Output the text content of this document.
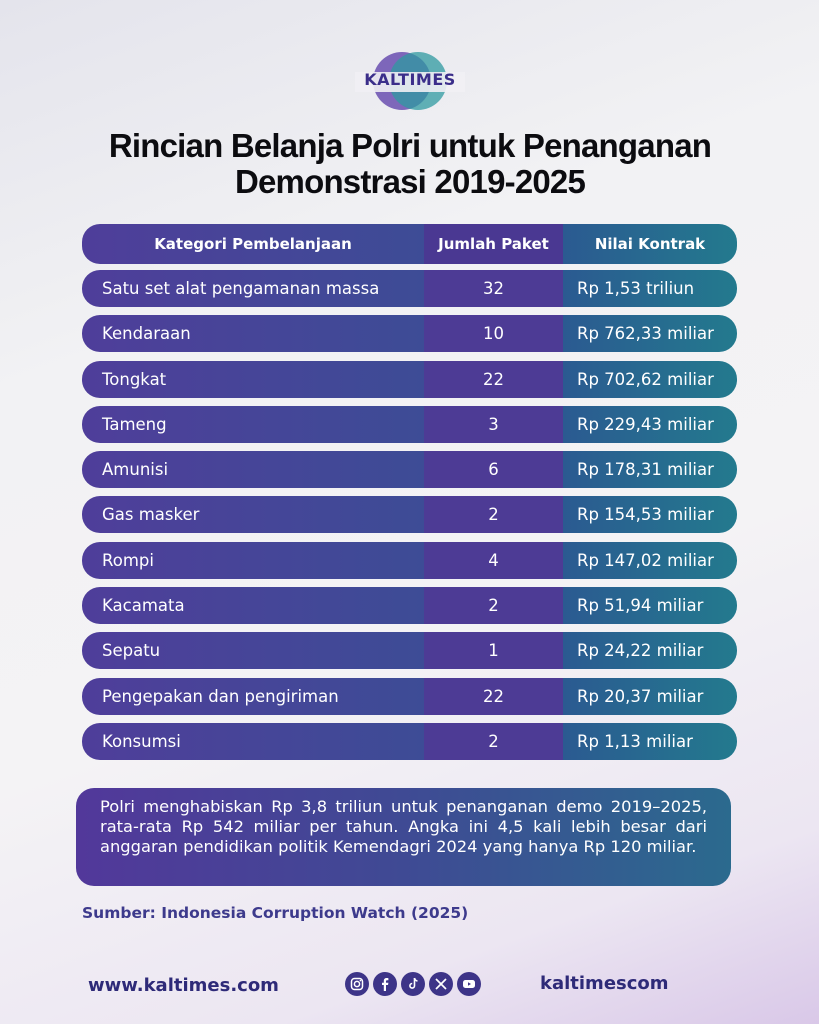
KALTIMES
Rincian Belanja Polri untuk Penanganan
Demonstrasi 2019-2025
Kategori Pembelanjaan	Jumlah Paket	Nilai Kontrak
Satu set alat pengamanan massa	32	Rp 1,53 triliun
Kendaraan	10	Rp 762,33 miliar
Tongkat	22	Rp 702,62 miliar
Tameng	3	Rp 229,43 miliar
Amunisi	6	Rp 178,31 miliar
Gas masker	2	Rp 154,53 miliar
Rompi	4	Rp 147,02 miliar
Kacamata	2	Rp 51,94 miliar
Sepatu	1	Rp 24,22 miliar
Pengepakan dan pengiriman	22	Rp 20,37 miliar
Konsumsi	2	Rp 1,13 miliar
Polri menghabiskan Rp 3,8 triliun untuk penanganan demo 2019–2025, rata-rata Rp 542 miliar per tahun. Angka ini 4,5 kali lebih besar dari anggaran pendidikan politik Kemendagri 2024 yang hanya Rp 120 miliar.
Sumber: Indonesia Corruption Watch (2025)
www.kaltimes.com	kaltimescom
